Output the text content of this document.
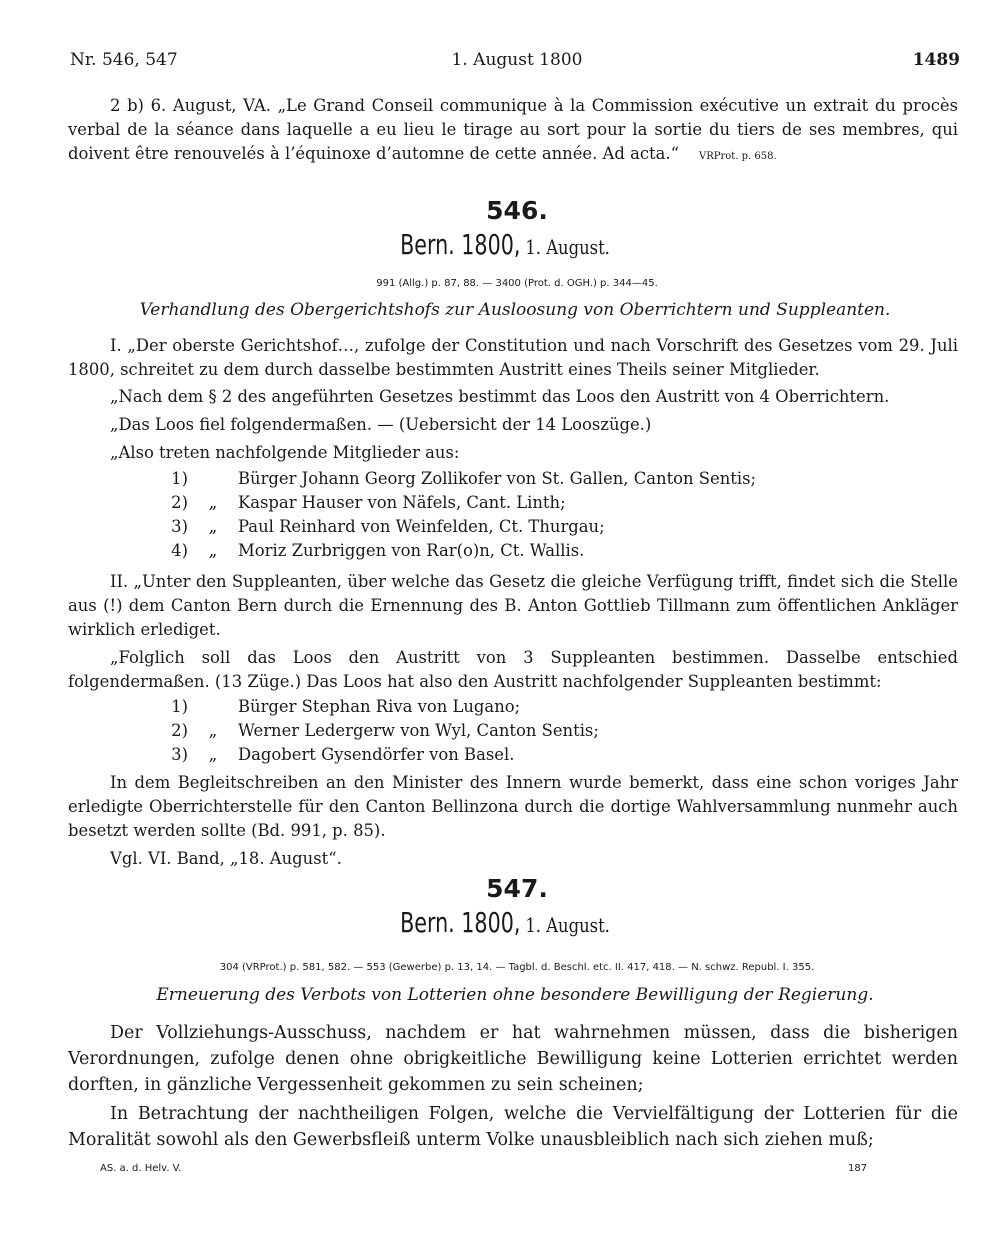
Nr. 546, 547	1. August 1800	1489
2 b) 6. August, VA. „Le Grand Conseil communique à la Commission exécutive un extrait du procès verbal de la séance dans laquelle a eu lieu le tirage au sort pour la sortie du tiers de ses membres, qui doivent être renouvelés à l’équinoxe d’automne de cette année. Ad acta.“ VRProt. p. 658.
546.
Bern. 1800, 1. August.
991 (Allg.) p. 87, 88. — 3400 (Prot. d. OGH.) p. 344—45.
Verhandlung des Obergerichtshofs zur Ausloosung von Oberrichtern und Suppleanten.
I. „Der oberste Gerichtshof…, zufolge der Constitution und nach Vorschrift des Gesetzes vom 29. Juli 1800, schreitet zu dem durch dasselbe bestimmten Austritt eines Theils seiner Mitglieder.
„Nach dem § 2 des angeführten Gesetzes bestimmt das Loos den Austritt von 4 Oberrichtern.
„Das Loos fiel folgendermaßen. — (Uebersicht der 14 Looszüge.)
„Also treten nachfolgende Mitglieder aus:
1)	Bürger Johann Georg Zollikofer von St. Gallen, Canton Sentis;
2)	„	Kaspar Hauser von Näfels, Cant. Linth;
3)	„	Paul Reinhard von Weinfelden, Ct. Thurgau;
4)	„	Moriz Zurbriggen von Rar(o)n, Ct. Wallis.
II. „Unter den Suppleanten, über welche das Gesetz die gleiche Verfügung trifft, findet sich die Stelle aus (!) dem Canton Bern durch die Ernennung des B. Anton Gottlieb Tillmann zum öffentlichen Ankläger wirklich erlediget.
„Folglich soll das Loos den Austritt von 3 Suppleanten bestimmen. Dasselbe entschied folgendermaßen. (13 Züge.) Das Loos hat also den Austritt nachfolgender Suppleanten bestimmt:
1)	Bürger Stephan Riva von Lugano;
2)	„	Werner Ledergerw von Wyl, Canton Sentis;
3)	„	Dagobert Gysendörfer von Basel.
In dem Begleitschreiben an den Minister des Innern wurde bemerkt, dass eine schon voriges Jahr erledigte Oberrichterstelle für den Canton Bellinzona durch die dortige Wahlversammlung nunmehr auch besetzt werden sollte (Bd. 991, p. 85).
Vgl. VI. Band, „18. August“.
547.
Bern. 1800, 1. August.
304 (VRProt.) p. 581, 582. — 553 (Gewerbe) p. 13, 14. — Tagbl. d. Beschl. etc. II. 417, 418. — N. schwz. Republ. I. 355.
Erneuerung des Verbots von Lotterien ohne besondere Bewilligung der Regierung.
Der Vollziehungs-Ausschuss, nachdem er hat wahrnehmen müssen, dass die bisherigen Verordnungen, zufolge denen ohne obrigkeitliche Bewilligung keine Lotterien errichtet werden dorften, in gänzliche Vergessenheit gekommen zu sein scheinen;
In Betrachtung der nachtheiligen Folgen, welche die Vervielfältigung der Lotterien für die Moralität sowohl als den Gewerbsfleiß unterm Volke unausbleiblich nach sich ziehen muß;
AS. a. d. Helv. V.	187
